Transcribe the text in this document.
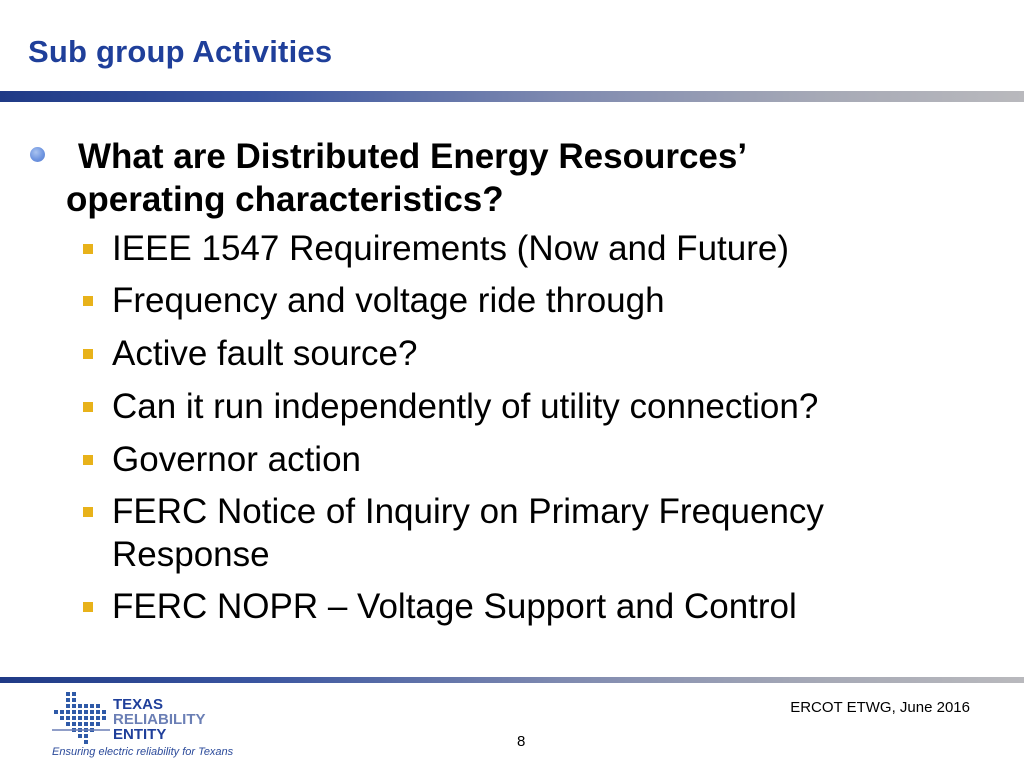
Sub group Activities
What are Distributed Energy Resources’ operating characteristics?
IEEE 1547 Requirements (Now and Future)
Frequency and voltage ride through
Active fault source?
Can it run independently of utility connection?
Governor action
FERC Notice of Inquiry on Primary Frequency
Response
FERC NOPR – Voltage Support and Control
TEXAS
RELIABILITY
ENTITY
Ensuring electric reliability for Texans
ERCOT ETWG, June 2016
8
